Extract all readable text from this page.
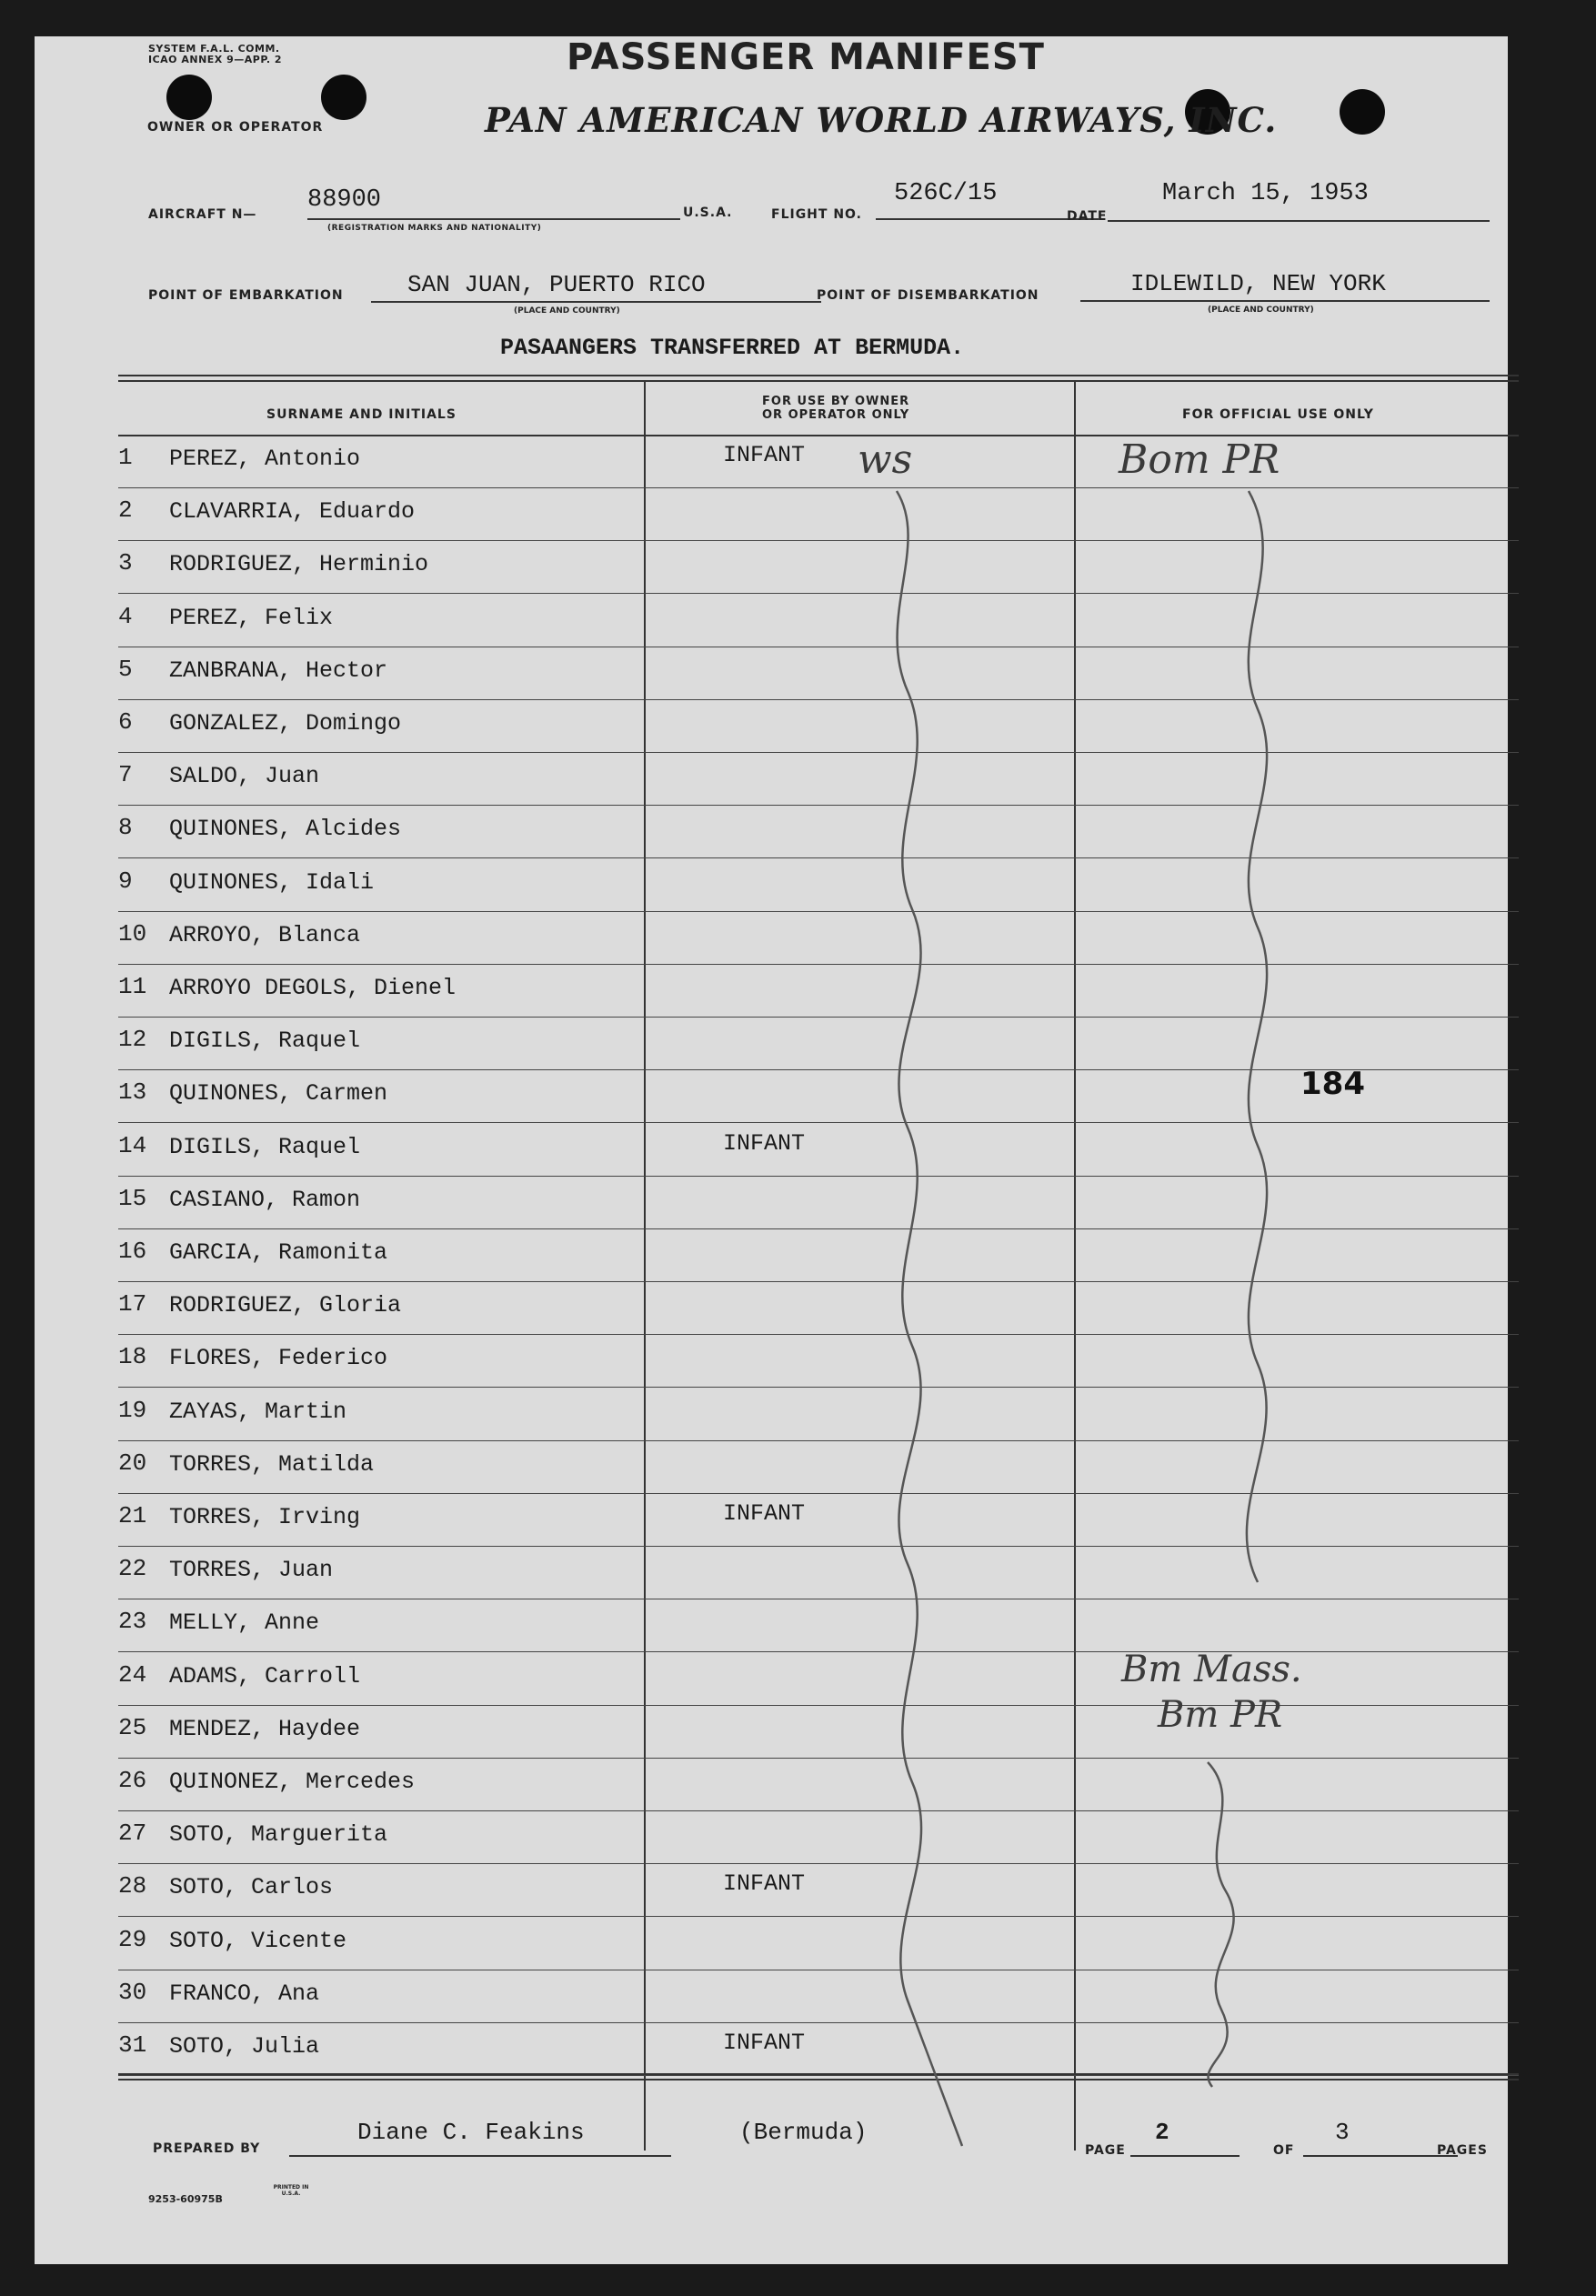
SYSTEM F.A.L. COMM.
ICAO ANNEX 9—APP. 2	PASSENGER MANIFEST
OWNER OR OPERATOR	PAN AMERICAN WORLD AIRWAYS, INC.
AIRCRAFT N—
88900
(REGISTRATION MARKS AND NATIONALITY)
U.S.A.	FLIGHT NO.
526C/15
DATE
March 15, 1953
POINT OF EMBARKATION	SAN JUAN, PUERTO RICO
(PLACE AND COUNTRY)
POINT OF DISEMBARKATION	IDLEWILD, NEW YORK
(PLACE AND COUNTRY)
PASAANGERS TRANSFERRED AT BERMUDA.
SURNAME AND INITIALS
FOR USE BY OWNER
OR OPERATOR ONLY	FOR OFFICIAL USE ONLY
1	PEREZ, Antonio	INFANT
2	CLAVARRIA, Eduardo
3	RODRIGUEZ, Herminio
4	PEREZ, Felix
5	ZANBRANA, Hector
6	GONZALEZ, Domingo
7	SALDO, Juan
8	QUINONES, Alcides
9	QUINONES, Idali
10 ARROYO, Blanca
11 ARROYO DEGOLS, Dienel
12 DIGILS, Raquel
13 QUINONES, Carmen
14 DIGILS, Raquel	INFANT
15 CASIANO, Ramon
16 GARCIA, Ramonita
17 RODRIGUEZ, Gloria
18 FLORES, Federico
19 ZAYAS, Martin
20 TORRES, Matilda
21 TORRES, Irving	INFANT
22 TORRES, Juan
23 MELLY, Anne
24 ADAMS, Carroll
25 MENDEZ, Haydee
26 QUINONEZ, Mercedes
27 SOTO, Marguerita
28 SOTO, Carlos	INFANT
29 SOTO, Vicente
30 FRANCO, Ana
31 SOTO, Julia	INFANT
ws	Bom PR
Bm Mass.
Bm PR
184
PREPARED BY
Diane C. Feakins	(Bermuda)
PAGE
2
OF
3
PAGES
9253-60975B
PRINTED IN U.S.A.
